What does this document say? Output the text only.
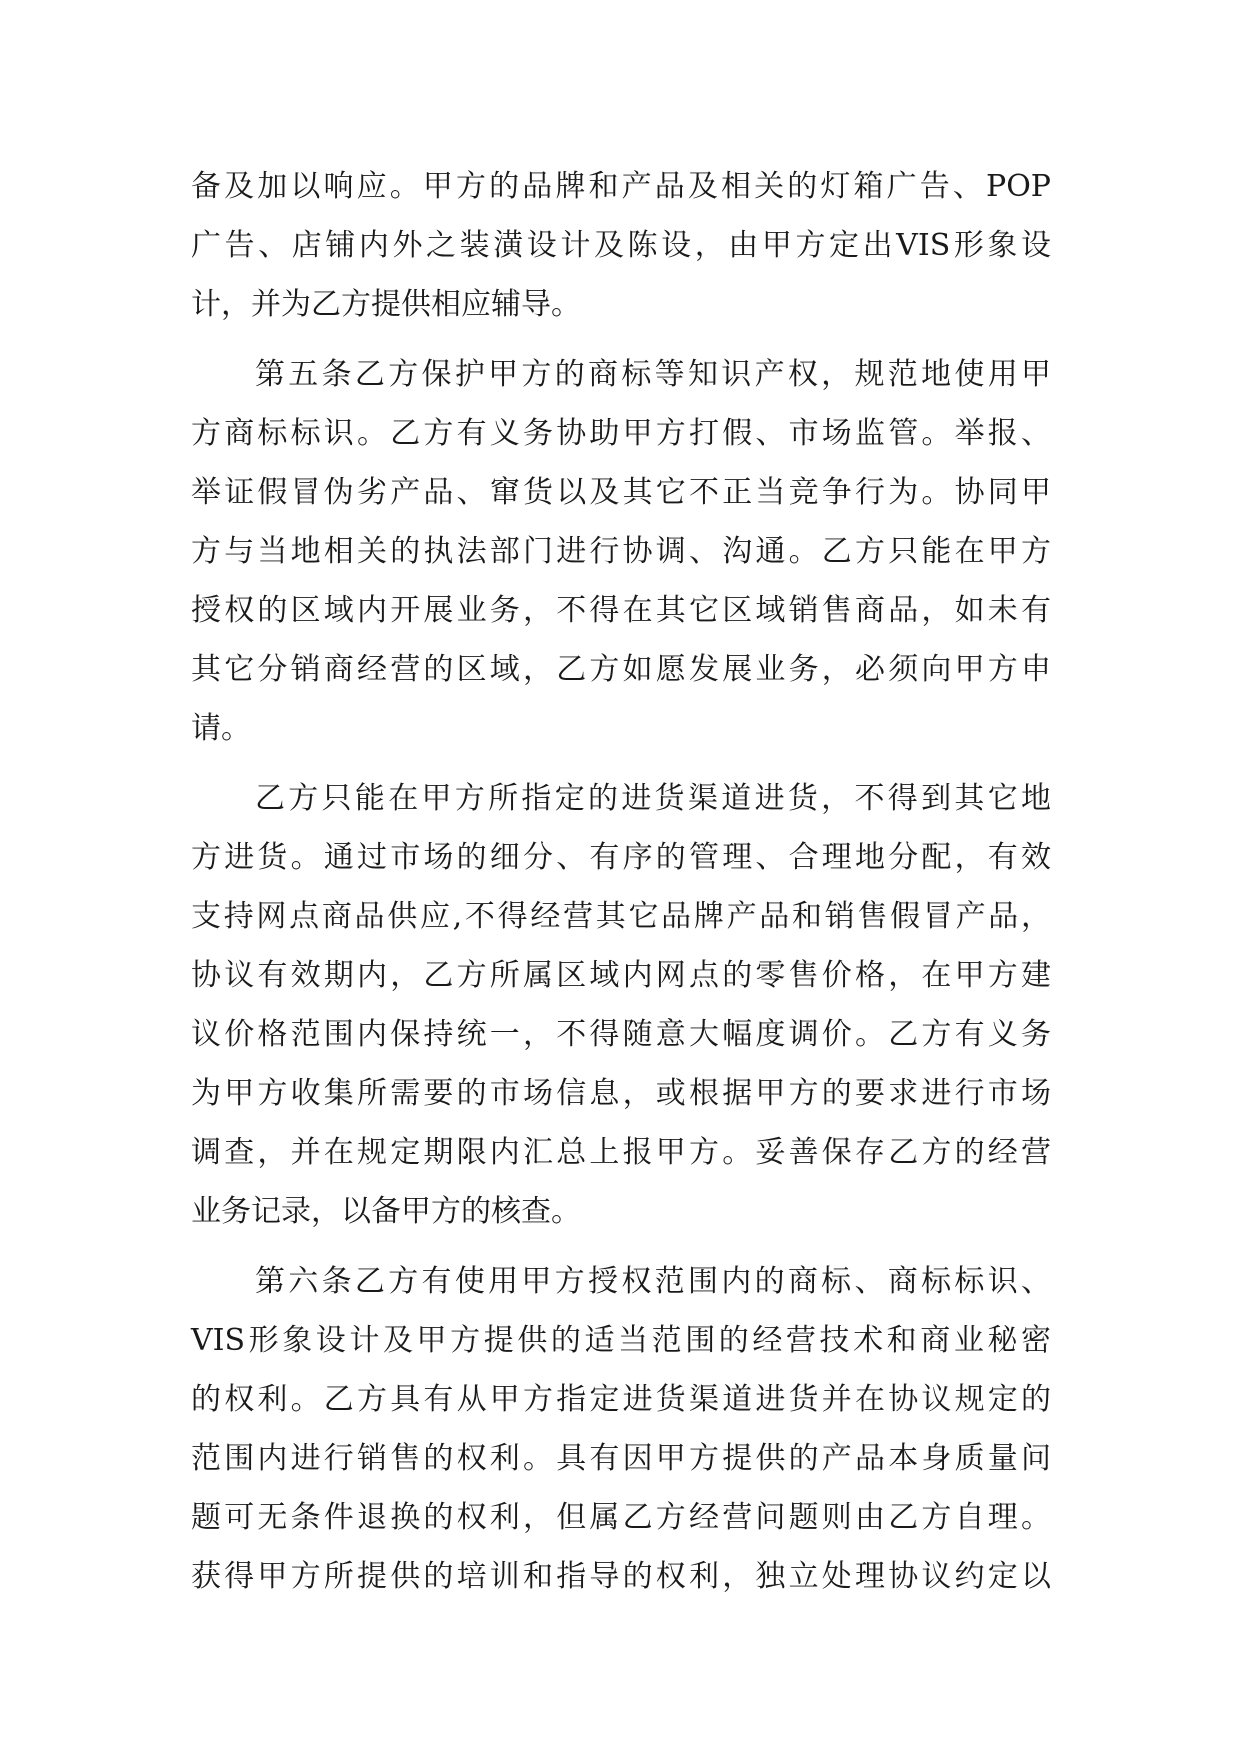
备及加以响应。甲方的品牌和产品及相关的灯箱广告、POP
广告、店铺内外之装潢设计及陈设，由甲方定出VIS形象设
计，并为乙方提供相应辅导。
第五条乙方保护甲方的商标等知识产权，规范地使用甲
方商标标识。乙方有义务协助甲方打假、市场监管。举报、
举证假冒伪劣产品、窜货以及其它不正当竞争行为。协同甲
方与当地相关的执法部门进行协调、沟通。乙方只能在甲方
授权的区域内开展业务，不得在其它区域销售商品，如未有
其它分销商经营的区域，乙方如愿发展业务，必须向甲方申
请。
乙方只能在甲方所指定的进货渠道进货，不得到其它地
方进货。通过市场的细分、有序的管理、合理地分配，有效
支持网点商品供应,不得经营其它品牌产品和销售假冒产品，
协议有效期内，乙方所属区域内网点的零售价格，在甲方建
议价格范围内保持统一，不得随意大幅度调价。乙方有义务
为甲方收集所需要的市场信息，或根据甲方的要求进行市场
调查，并在规定期限内汇总上报甲方。妥善保存乙方的经营
业务记录，以备甲方的核查。
第六条乙方有使用甲方授权范围内的商标、商标标识、
VIS形象设计及甲方提供的适当范围的经营技术和商业秘密
的权利。乙方具有从甲方指定进货渠道进货并在协议规定的
范围内进行销售的权利。具有因甲方提供的产品本身质量问
题可无条件退换的权利，但属乙方经营问题则由乙方自理。
获得甲方所提供的培训和指导的权利，独立处理协议约定以
